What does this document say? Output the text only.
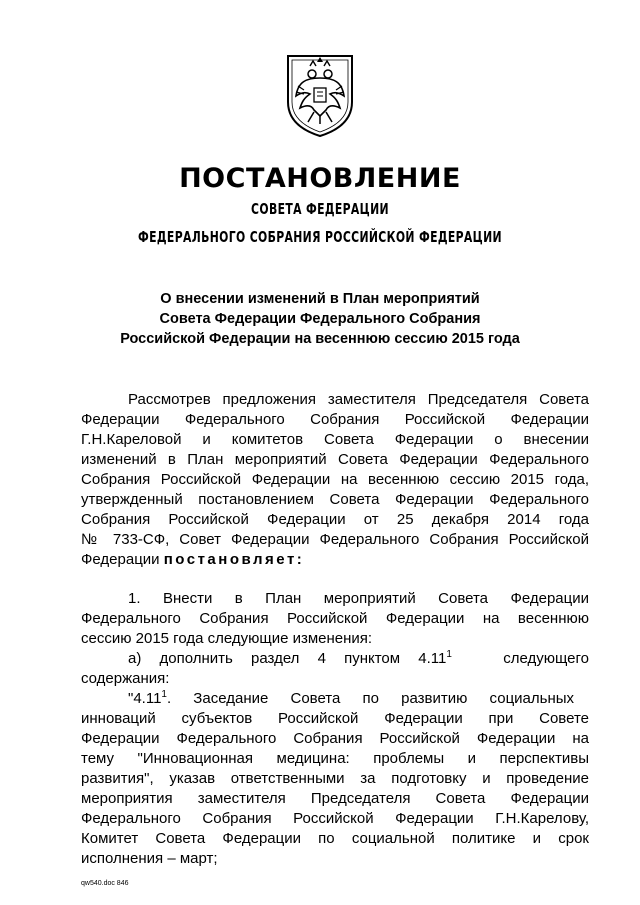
ПОСТАНОВЛЕНИЕ
СОВЕТА ФЕДЕРАЦИИ
ФЕДЕРАЛЬНОГО СОБРАНИЯ РОССИЙСКОЙ ФЕДЕРАЦИИ
О внесении изменений в План мероприятий
Совета Федерации Федерального Собрания
Российской Федерации на весеннюю сессию 2015 года
Рассмотрев предложения заместителя Председателя Совета
Федерации Федерального Собрания Российской Федерации
Г.Н.Кареловой и комитетов Совета Федерации о внесении
изменений в План мероприятий Совета Федерации Федерального
Собрания Российской Федерации на весеннюю сессию 2015 года,
утвержденный постановлением Совета Федерации Федерального
Собрания Российской Федерации от 25 декабря 2014 года
№ 733-СФ, Совет Федерации Федерального Собрания Российской
Федерации постановляет:
1. Внести в План мероприятий Совета Федерации
Федерального Собрания Российской Федерации на весеннюю
сессию 2015 года следующие изменения:
а) дополнить раздел 4 пунктом 4.11$^1$	следующего
содержания:
"4.11$^1$. Заседание Совета по развитию социальных
инноваций субъектов Российской Федерации при Совете
Федерации Федерального Собрания Российской Федерации на
тему "Инновационная медицина: проблемы и перспективы
развития", указав ответственными за подготовку и проведение
мероприятия заместителя Председателя Совета Федерации
Федерального Собрания Российской Федерации Г.Н.Карелову,
Комитет Совета Федерации по социальной политике и срок
исполнения – март;
qw540.doc 846
